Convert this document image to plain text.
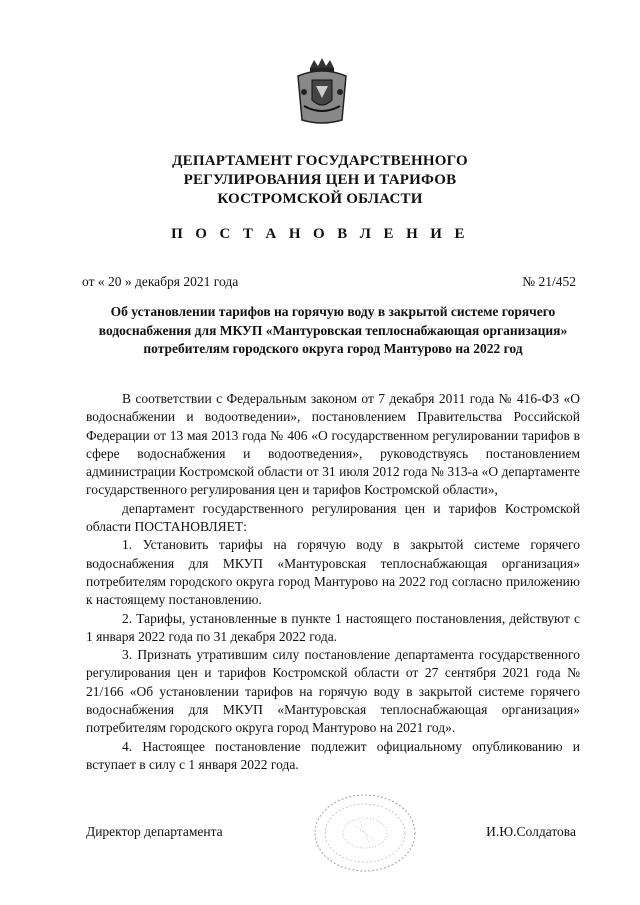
ДЕПАРТАМЕНТ ГОСУДАРСТВЕННОГО
РЕГУЛИРОВАНИЯ ЦЕН И ТАРИФОВ
КОСТРОМСКОЙ ОБЛАСТИ
П О С Т А Н О В Л Е Н И Е
от « 20 » декабря 2021 года	№ 21/452
Об установлении тарифов на горячую воду в закрытой системе горячего водоснабжения для МКУП «Мантуровская теплоснабжающая организация» потребителям городского округа город Мантурово на 2022 год

В соответствии с Федеральным законом от 7 декабря 2011 года № 416-ФЗ «О водоснабжении и водоотведении», постановлением Правительства Российской Федерации от 13 мая 2013 года № 406 «О государственном регулировании тарифов в сфере водоснабжения и водоотведения», руководствуясь постановлением администрации Костромской области от 31 июля 2012 года № 313-а «О департаменте государственного регулирования цен и тарифов Костромской области»,

департамент государственного регулирования цен и тарифов Костромской области ПОСТАНОВЛЯЕТ:

1. Установить тарифы на горячую воду в закрытой системе горячего водоснабжения для МКУП «Мантуровская теплоснабжающая организация» потребителям городского округа город Мантурово на 2022 год согласно приложению к настоящему постановлению.

2. Тарифы, установленные в пункте 1 настоящего постановления, действуют с 1 января 2022 года по 31 декабря 2022 года.

3. Признать утратившим силу постановление департамента государственного регулирования цен и тарифов Костромской области от 27 сентября 2021 года № 21/166 «Об установлении тарифов на горячую воду в закрытой системе горячего водоснабжения для МКУП «Мантуровская теплоснабжающая организация» потребителям городского округа город Мантурово на 2021 год».

4. Настоящее постановление подлежит официальному опубликованию и вступает в силу с 1 января 2022 года.

Директор департамента	И.Ю.Солдатова
